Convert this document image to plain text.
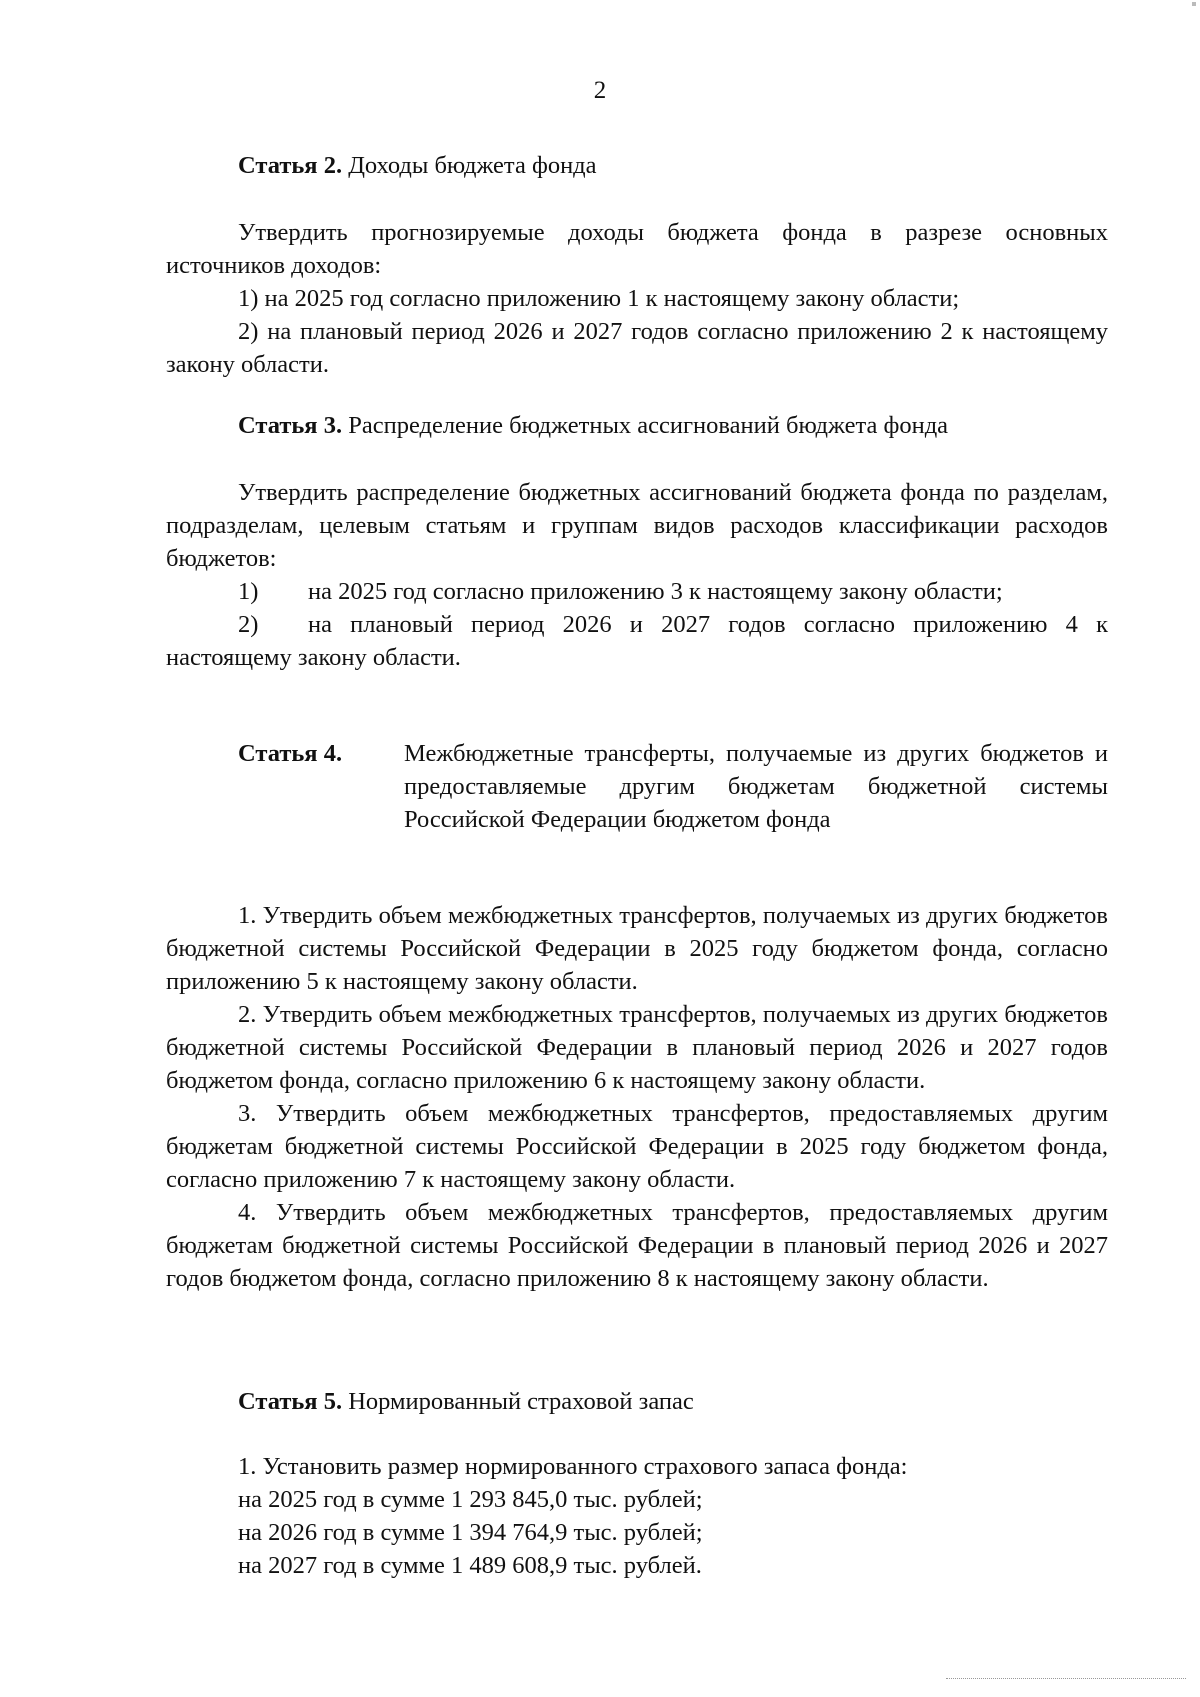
2
Статья 2. Доходы бюджета фонда

Утвердить прогнозируемые доходы бюджета фонда в разрезе основных источников доходов:

1) на 2025 год согласно приложению 1 к настоящему закону области;

2) на плановый период 2026 и 2027 годов согласно приложению 2 к настоящему закону области.

Статья 3. Распределение бюджетных ассигнований бюджета фонда

Утвердить распределение бюджетных ассигнований бюджета фонда по разделам, подразделам, целевым статьям и группам видов расходов классификации расходов бюджетов:

1) на 2025 год согласно приложению 3 к настоящему закону области;

2) на плановый период 2026 и 2027 годов согласно приложению 4 к настоящему закону области.

Статья 4.	Межбюджетные трансферты, получаемые из других бюджетов и предоставляемые другим бюджетам бюджетной системы Российской Федерации бюджетом фонда

1. Утвердить объем межбюджетных трансфертов, получаемых из других бюджетов бюджетной системы Российской Федерации в 2025 году бюджетом фонда, согласно приложению 5 к настоящему закону области.

2. Утвердить объем межбюджетных трансфертов, получаемых из других бюджетов бюджетной системы Российской Федерации в плановый период 2026 и 2027 годов бюджетом фонда, согласно приложению 6 к настоящему закону области.

3. Утвердить объем межбюджетных трансфертов, предоставляемых другим бюджетам бюджетной системы Российской Федерации в 2025 году бюджетом фонда, согласно приложению 7 к настоящему закону области.

4. Утвердить объем межбюджетных трансфертов, предоставляемых другим бюджетам бюджетной системы Российской Федерации в плановый период 2026 и 2027 годов бюджетом фонда, согласно приложению 8 к настоящему закону области.

Статья 5. Нормированный страховой запас
1. Установить размер нормированного страхового запаса фонда:
на 2025 год в сумме 1 293 845,0 тыс. рублей;
на 2026 год в сумме 1 394 764,9 тыс. рублей;
на 2027 год в сумме 1 489 608,9 тыс. рублей.
